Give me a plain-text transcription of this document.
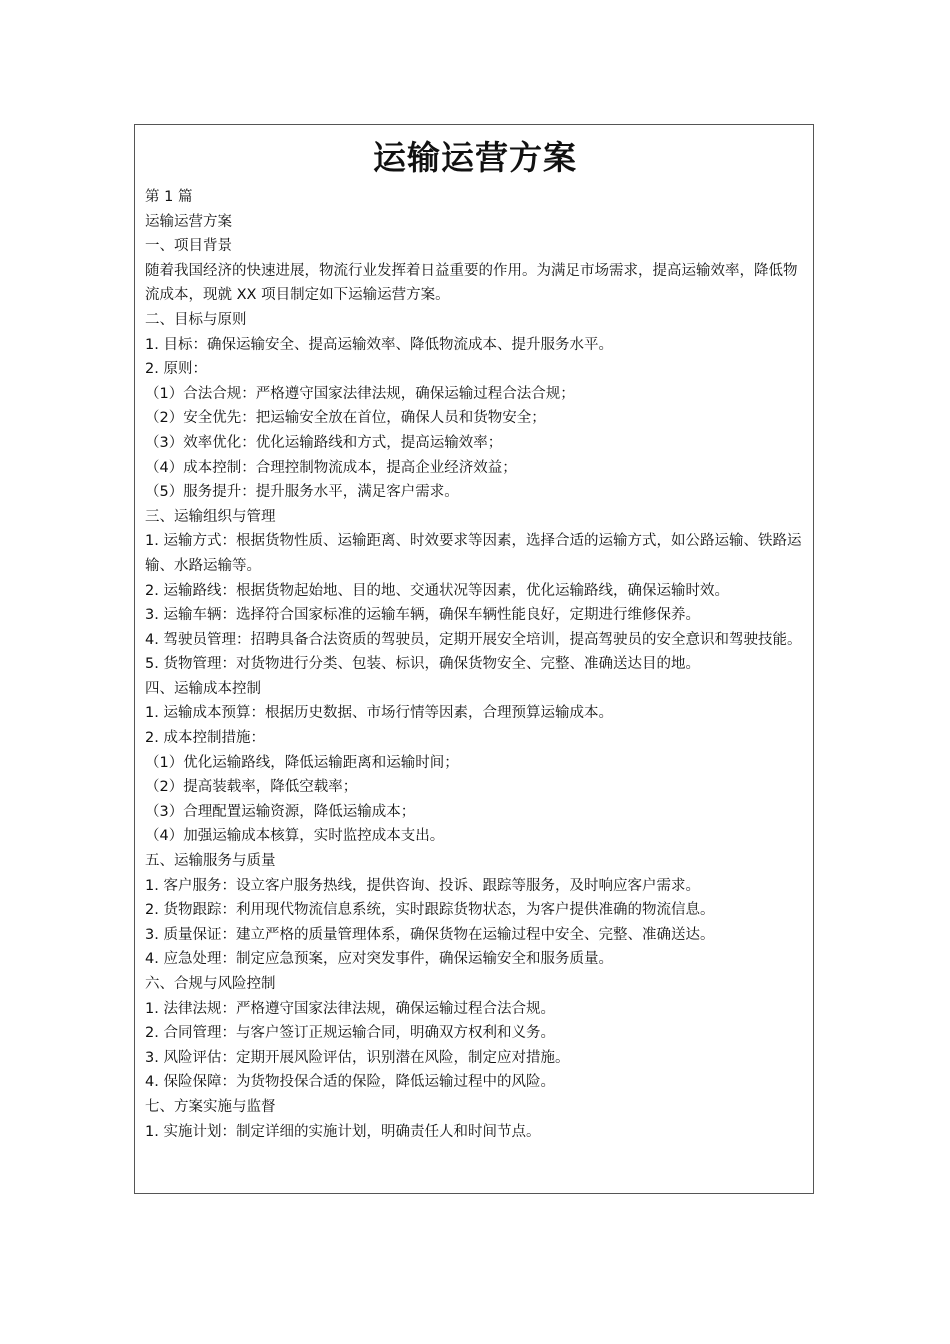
运输运营方案
第 1 篇
运输运营方案
一、项目背景
随着我国经济的快速进展，物流行业发挥着日益重要的作用。为满足市场需求，提高运输效率，降低物流成本，现就 XX 项目制定如下运输运营方案。
二、目标与原则
1. 目标：确保运输安全、提高运输效率、降低物流成本、提升服务水平。
2. 原则：
（1）合法合规：严格遵守国家法律法规，确保运输过程合法合规；
（2）安全优先：把运输安全放在首位，确保人员和货物安全；
（3）效率优化：优化运输路线和方式，提高运输效率；
（4）成本控制：合理控制物流成本，提高企业经济效益；
（5）服务提升：提升服务水平，满足客户需求。
三、运输组织与管理
1. 运输方式：根据货物性质、运输距离、时效要求等因素，选择合适的运输方式，如公路运输、铁路运输、水路运输等。
2. 运输路线：根据货物起始地、目的地、交通状况等因素，优化运输路线，确保运输时效。
3. 运输车辆：选择符合国家标准的运输车辆，确保车辆性能良好，定期进行维修保养。
4. 驾驶员管理：招聘具备合法资质的驾驶员，定期开展安全培训，提高驾驶员的安全意识和驾驶技能。
5. 货物管理：对货物进行分类、包装、标识，确保货物安全、完整、准确送达目的地。
四、运输成本控制
1. 运输成本预算：根据历史数据、市场行情等因素，合理预算运输成本。
2. 成本控制措施：
（1）优化运输路线，降低运输距离和运输时间；
（2）提高装载率，降低空载率；
（3）合理配置运输资源，降低运输成本；
（4）加强运输成本核算，实时监控成本支出。
五、运输服务与质量
1. 客户服务：设立客户服务热线，提供咨询、投诉、跟踪等服务，及时响应客户需求。
2. 货物跟踪：利用现代物流信息系统，实时跟踪货物状态，为客户提供准确的物流信息。
3. 质量保证：建立严格的质量管理体系，确保货物在运输过程中安全、完整、准确送达。
4. 应急处理：制定应急预案，应对突发事件，确保运输安全和服务质量。
六、合规与风险控制
1. 法律法规：严格遵守国家法律法规，确保运输过程合法合规。
2. 合同管理：与客户签订正规运输合同，明确双方权利和义务。
3. 风险评估：定期开展风险评估，识别潜在风险，制定应对措施。
4. 保险保障：为货物投保合适的保险，降低运输过程中的风险。
七、方案实施与监督
1. 实施计划：制定详细的实施计划，明确责任人和时间节点。
